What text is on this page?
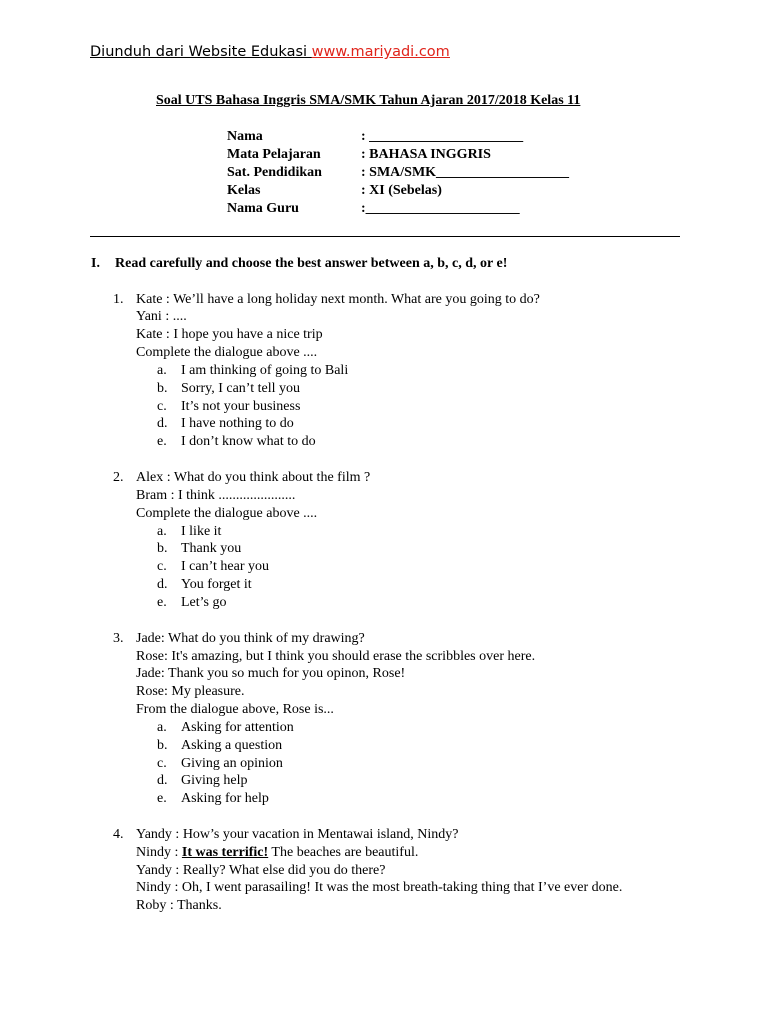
Diunduh dari Website Edukasi www.mariyadi.com
Soal UTS Bahasa Inggris SMA/SMK Tahun Ajaran 2017/2018 Kelas 11
Nama	: ______________________
Mata Pelajaran	: BAHASA INGGRIS
Sat. Pendidikan	: SMA/SMK___________________
Kelas	: XI (Sebelas)
Nama Guru	:______________________
I. Read carefully and choose the best answer between a, b, c, d, or e!
1. Kate : We’ll have a long holiday next month. What are you going to do?
Yani : ....
Kate : I hope you have a nice trip
Complete the dialogue above ....
a. I am thinking of going to Bali
b. Sorry, I can’t tell you
c. It’s not your business
d. I have nothing to do
e. I don’t know what to do
2. Alex : What do you think about the film ?
Bram : I think ......................
Complete the dialogue above ....
a. I like it
b. Thank you
c. I can’t hear you
d. You forget it
e. Let’s go
3. Jade: What do you think of my drawing?
Rose: It's amazing, but I think you should erase the scribbles over here.
Jade: Thank you so much for you opinon, Rose!
Rose: My pleasure.
From the dialogue above, Rose is...
a. Asking for attention
b. Asking a question
c. Giving an opinion
d. Giving help
e. Asking for help
4. Yandy : How’s your vacation in Mentawai island, Nindy?
Nindy : It was terrific! The beaches are beautiful.
Yandy : Really? What else did you do there?
Nindy : Oh, I went parasailing! It was the most breath-taking thing that I’ve ever done.
Roby : Thanks.
